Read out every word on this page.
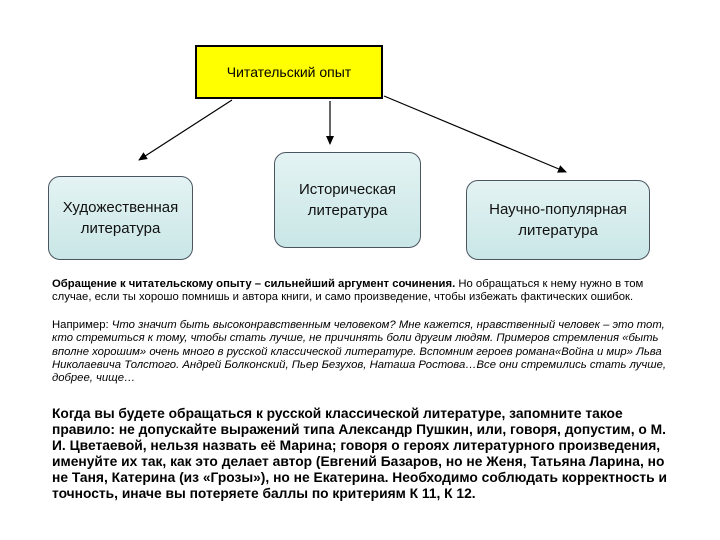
Читательский опыт
Художественная литература
Историческая литература	Научно-популярная литература
Обращение к читательскому опыту – сильнейший аргумент сочинения. Но обращаться к нему нужно в том случае, если ты хорошо помнишь и автора книги, и само произведение, чтобы избежать фактических ошибок.
Например: Что значит быть высоконравственным человеком? Мне кажется, нравственный человек – это тот, кто стремиться к тому, чтобы стать лучше, не причинять боли другим людям. Примеров стремления «быть вполне хорошим» очень много в русской классической литературе. Вспомним героев романа«Война и мир» Льва Николаевича Толстого. Андрей Болконский, Пьер Безухов, Наташа Ростова…Все они стремились стать лучше, добрее, чище…
Когда вы будете обращаться к русской классической литературе, запомните такое правило: не допускайте выражений типа Александр Пушкин, или, говоря, допустим, о М. И. Цветаевой, нельзя назвать её Марина; говоря о героях литературного произведения, именуйте их так, как это делает автор (Евгений Базаров, но не Женя, Татьяна Ларина, но не Таня, Катерина (из «Грозы»), но не Екатерина. Необходимо соблюдать корректность и точность, иначе вы потеряете баллы по критериям К 11, К 12.
